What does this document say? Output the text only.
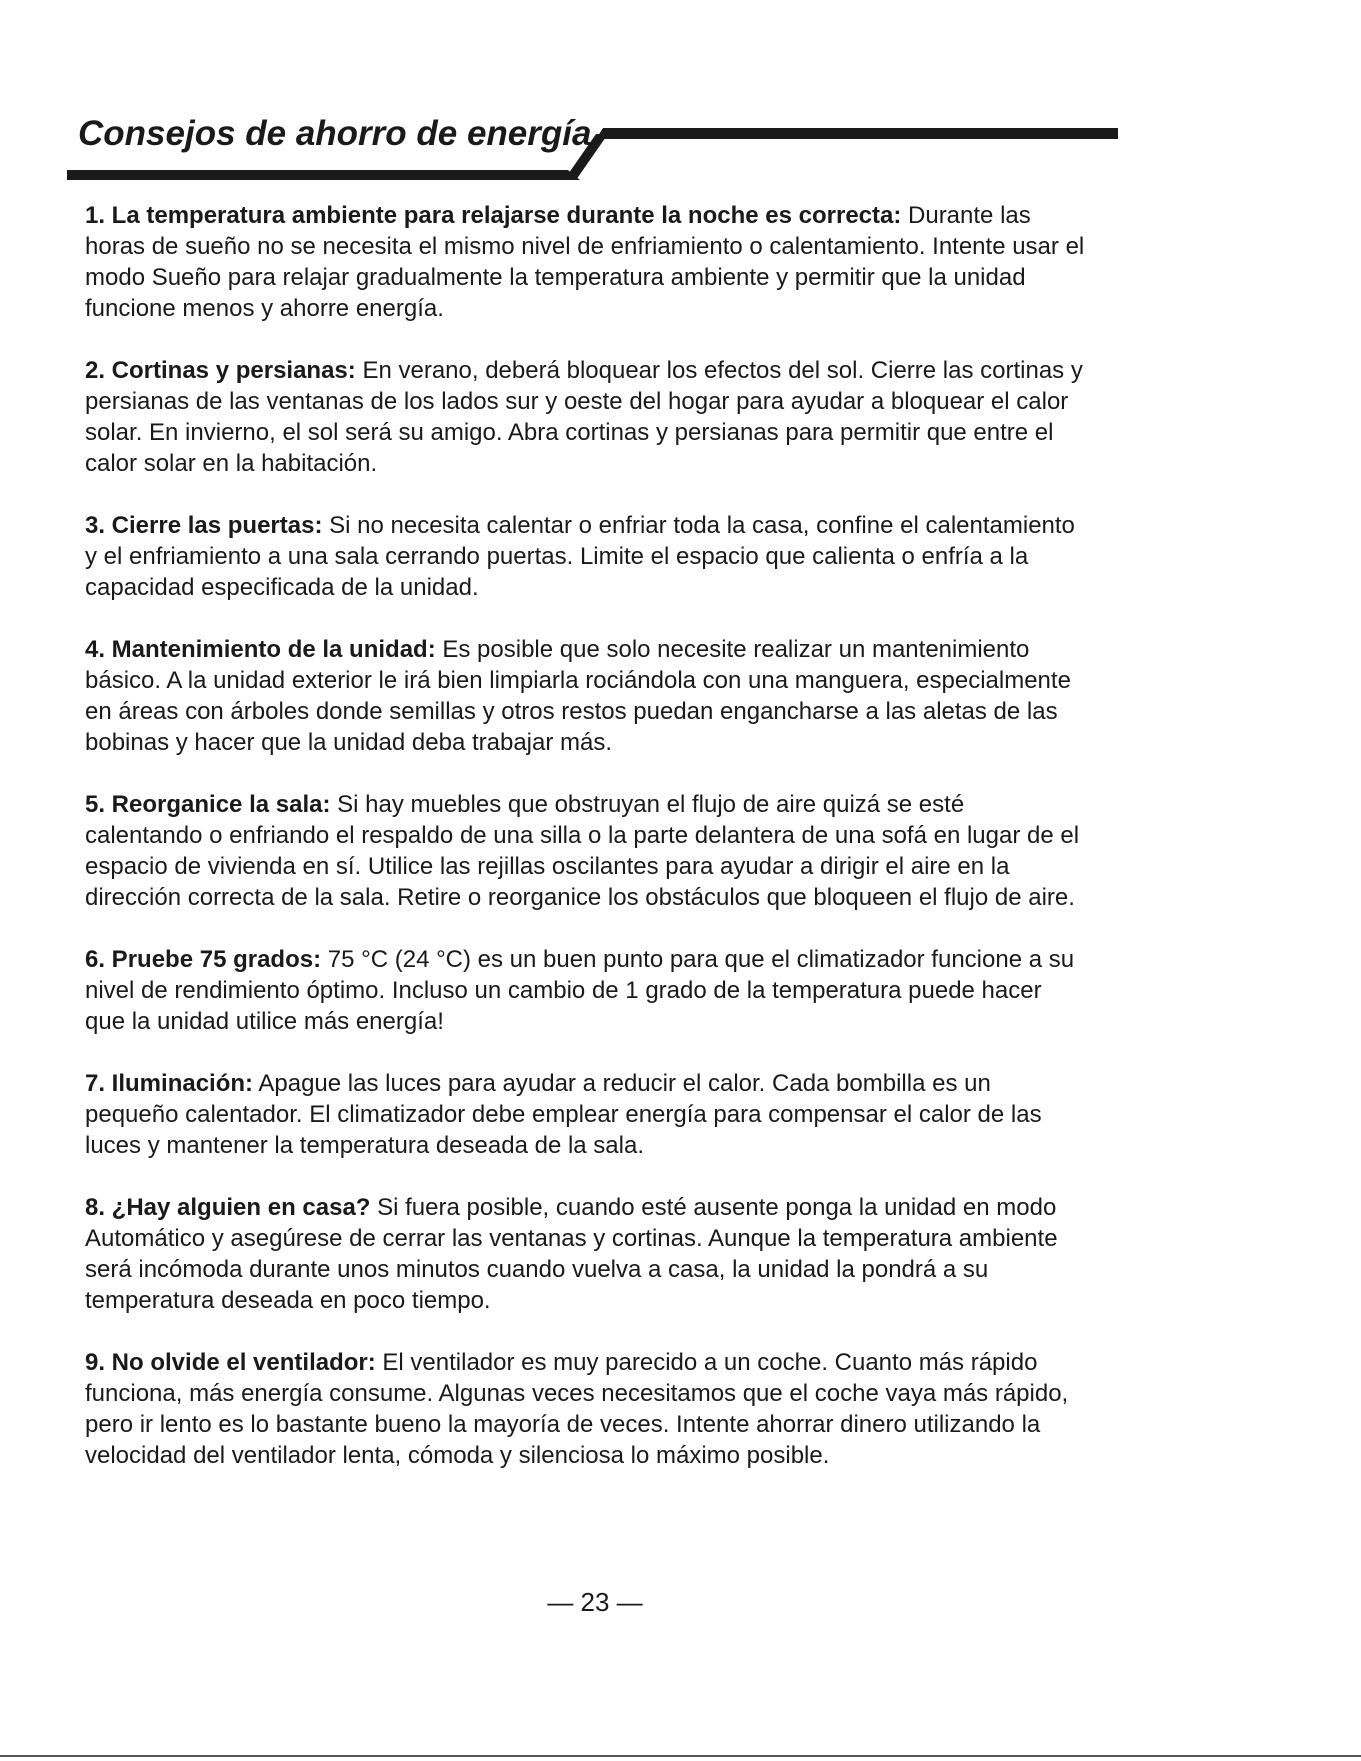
Consejos de ahorro de energía

1. La temperatura ambiente para relajarse durante la noche es correcta: Durante las horas de sueño no se necesita el mismo nivel de enfriamiento o calentamiento. Intente usar el modo Sueño para relajar gradualmente la temperatura ambiente y permitir que la unidad funcione menos y ahorre energía.

2. Cortinas y persianas: En verano, deberá bloquear los efectos del sol. Cierre las cortinas y persianas de las ventanas de los lados sur y oeste del hogar para ayudar a bloquear el calor solar. En invierno, el sol será su amigo. Abra cortinas y persianas para permitir que entre el calor solar en la habitación.

3. Cierre las puertas: Si no necesita calentar o enfriar toda la casa, confine el calentamiento y el enfriamiento a una sala cerrando puertas. Limite el espacio que calienta o enfría a la capacidad especificada de la unidad.

4. Mantenimiento de la unidad: Es posible que solo necesite realizar un mantenimiento básico. A la unidad exterior le irá bien limpiarla rociándola con una manguera, especialmente en áreas con árboles donde semillas y otros restos puedan engancharse a las aletas de las bobinas y hacer que la unidad deba trabajar más.

5. Reorganice la sala: Si hay muebles que obstruyan el flujo de aire quizá se esté calentando o enfriando el respaldo de una silla o la parte delantera de una sofá en lugar de el espacio de vivienda en sí. Utilice las rejillas oscilantes para ayudar a dirigir el aire en la dirección correcta de la sala. Retire o reorganice los obstáculos que bloqueen el flujo de aire.

6. Pruebe 75 grados: 75 °C (24 °C) es un buen punto para que el climatizador funcione a su nivel de rendimiento óptimo. Incluso un cambio de 1 grado de la temperatura puede hacer que la unidad utilice más energía!

7. Iluminación: Apague las luces para ayudar a reducir el calor. Cada bombilla es un pequeño calentador. El climatizador debe emplear energía para compensar el calor de las luces y mantener la temperatura deseada de la sala.

8. ¿Hay alguien en casa? Si fuera posible, cuando esté ausente ponga la unidad en modo Automático y asegúrese de cerrar las ventanas y cortinas. Aunque la temperatura ambiente será incómoda durante unos minutos cuando vuelva a casa, la unidad la pondrá a su temperatura deseada en poco tiempo.

9. No olvide el ventilador: El ventilador es muy parecido a un coche. Cuanto más rápido funciona, más energía consume. Algunas veces necesitamos que el coche vaya más rápido, pero ir lento es lo bastante bueno la mayoría de veces. Intente ahorrar dinero utilizando la velocidad del ventilador lenta, cómoda y silenciosa lo máximo posible.

— 23 —
